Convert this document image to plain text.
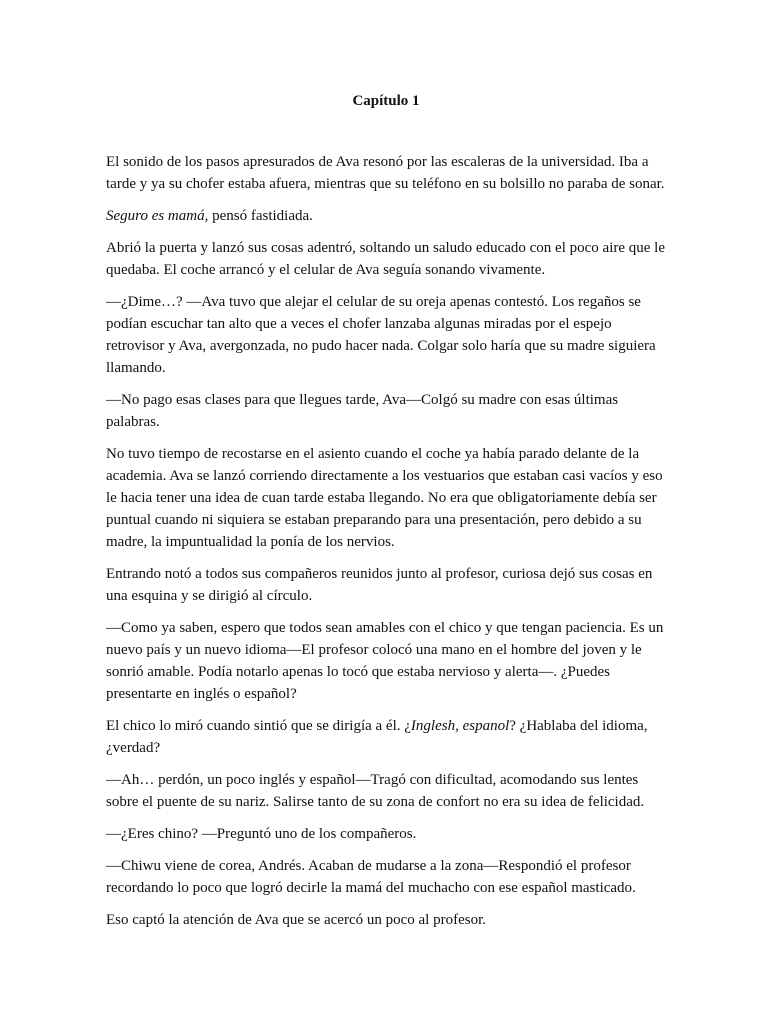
Capítulo 1

El sonido de los pasos apresurados de Ava resonó por las escaleras de la universidad. Iba a tarde y ya su chofer estaba afuera, mientras que su teléfono en su bolsillo no paraba de sonar.

Seguro es mamá, pensó fastidiada.

Abrió la puerta y lanzó sus cosas adentró, soltando un saludo educado con el poco aire que le quedaba. El coche arrancó y el celular de Ava seguía sonando vivamente.

—¿Dime…? —Ava tuvo que alejar el celular de su oreja apenas contestó. Los regaños se podían escuchar tan alto que a veces el chofer lanzaba algunas miradas por el espejo retrovisor y Ava, avergonzada, no pudo hacer nada. Colgar solo haría que su madre siguiera llamando.

—No pago esas clases para que llegues tarde, Ava—Colgó su madre con esas últimas palabras.

No tuvo tiempo de recostarse en el asiento cuando el coche ya había parado delante de la academia. Ava se lanzó corriendo directamente a los vestuarios que estaban casi vacíos y eso le hacia tener una idea de cuan tarde estaba llegando. No era que obligatoriamente debía ser puntual cuando ni siquiera se estaban preparando para una presentación, pero debido a su madre, la impuntualidad la ponía de los nervios.

Entrando notó a todos sus compañeros reunidos junto al profesor, curiosa dejó sus cosas en una esquina y se dirigió al círculo.

—Como ya saben, espero que todos sean amables con el chico y que tengan paciencia. Es un nuevo país y un nuevo idioma—El profesor colocó una mano en el hombre del joven y le sonrió amable. Podía notarlo apenas lo tocó que estaba nervioso y alerta—. ¿Puedes presentarte en inglés o español?

El chico lo miró cuando sintió que se dirigía a él. ¿Inglesh, espanol? ¿Hablaba del idioma, ¿verdad?

—Ah… perdón, un poco inglés y español—Tragó con dificultad, acomodando sus lentes sobre el puente de su nariz. Salirse tanto de su zona de confort no era su idea de felicidad.

—¿Eres chino? —Preguntó uno de los compañeros.

—Chiwu viene de corea, Andrés. Acaban de mudarse a la zona—Respondió el profesor recordando lo poco que logró decirle la mamá del muchacho con ese español masticado.

Eso captó la atención de Ava que se acercó un poco al profesor.
